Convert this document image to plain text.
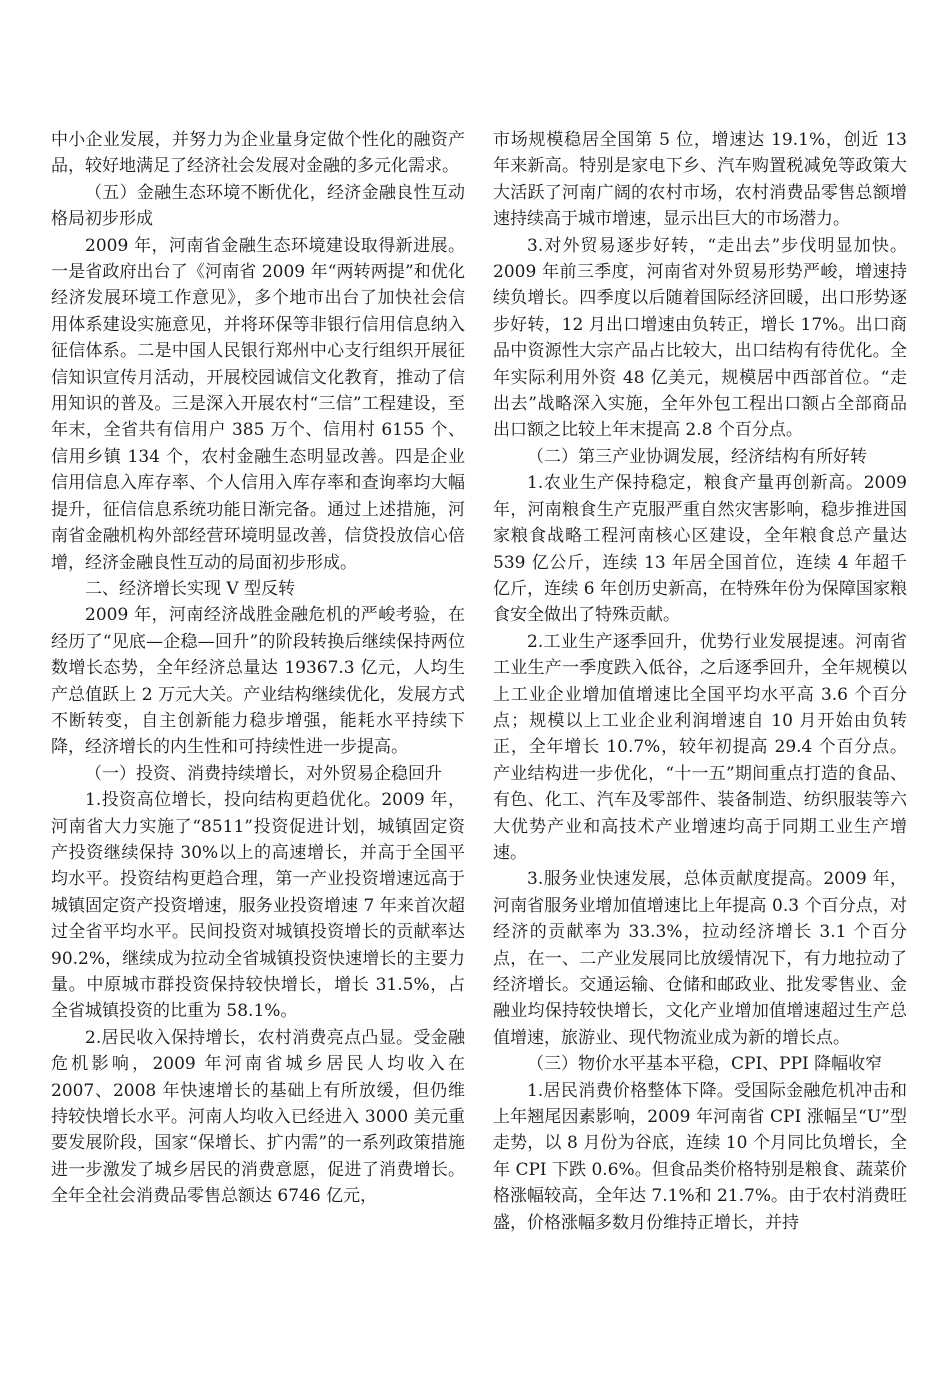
中小企业发展，并努力为企业量身定做个性化的融资产品，较好地满足了经济社会发展对金融的多元化需求。

（五）金融生态环境不断优化，经济金融良性互动格局初步形成

2009 年，河南省金融生态环境建设取得新进展。一是省政府出台了《河南省 2009 年“两转两提”和优化经济发展环境工作意见》，多个地市出台了加快社会信用体系建设实施意见，并将环保等非银行信用信息纳入征信体系。二是中国人民银行郑州中心支行组织开展征信知识宣传月活动，开展校园诚信文化教育，推动了信用知识的普及。三是深入开展农村“三信”工程建设，至年末，全省共有信用户 385 万个、信用村 6155 个、信用乡镇 134 个，农村金融生态明显改善。四是企业信用信息入库存率、个人信用入库存率和查询率均大幅提升，征信信息系统功能日渐完备。通过上述措施，河南省金融机构外部经营环境明显改善，信贷投放信心倍增，经济金融良性互动的局面初步形成。

二、经济增长实现 V 型反转

2009 年，河南经济战胜金融危机的严峻考验，在经历了“见底—企稳—回升”的阶段转换后继续保持两位数增长态势，全年经济总量达 19367.3 亿元，人均生产总值跃上 2 万元大关。产业结构继续优化，发展方式不断转变，自主创新能力稳步增强，能耗水平持续下降，经济增长的内生性和可持续性进一步提高。

（一）投资、消费持续增长，对外贸易企稳回升

1.投资高位增长，投向结构更趋优化。2009 年，河南省大力实施了“8511”投资促进计划，城镇固定资产投资继续保持 30%以上的高速增长，并高于全国平均水平。投资结构更趋合理，第一产业投资增速远高于城镇固定资产投资增速，服务业投资增速 7 年来首次超过全省平均水平。民间投资对城镇投资增长的贡献率达 90.2%，继续成为拉动全省城镇投资快速增长的主要力量。中原城市群投资保持较快增长，增长 31.5%，占全省城镇投资的比重为 58.1%。

2.居民收入保持增长，农村消费亮点凸显。受金融危机影响，2009 年河南省城乡居民人均收入在 2007、2008 年快速增长的基础上有所放缓，但仍维持较快增长水平。河南人均收入已经进入 3000 美元重要发展阶段，国家“保增长、扩内需”的一系列政策措施进一步激发了城乡居民的消费意愿，促进了消费增长。全年全社会消费品零售总额达 6746 亿元，

市场规模稳居全国第 5 位，增速达 19.1%，创近 13 年来新高。特别是家电下乡、汽车购置税减免等政策大大活跃了河南广阔的农村市场，农村消费品零售总额增速持续高于城市增速，显示出巨大的市场潜力。

3.对外贸易逐步好转，“走出去”步伐明显加快。2009 年前三季度，河南省对外贸易形势严峻，增速持续负增长。四季度以后随着国际经济回暖，出口形势逐步好转，12 月出口增速由负转正，增长 17%。出口商品中资源性大宗产品占比较大，出口结构有待优化。全年实际利用外资 48 亿美元，规模居中西部首位。“走出去”战略深入实施，全年外包工程出口额占全部商品出口额之比较上年末提高 2.8 个百分点。

（二）第三产业协调发展，经济结构有所好转

1.农业生产保持稳定，粮食产量再创新高。2009 年，河南粮食生产克服严重自然灾害影响，稳步推进国家粮食战略工程河南核心区建设，全年粮食总产量达 539 亿公斤，连续 13 年居全国首位，连续 4 年超千亿斤，连续 6 年创历史新高，在特殊年份为保障国家粮食安全做出了特殊贡献。

2.工业生产逐季回升，优势行业发展提速。河南省工业生产一季度跌入低谷，之后逐季回升，全年规模以上工业企业增加值增速比全国平均水平高 3.6 个百分点；规模以上工业企业利润增速自 10 月开始由负转正，全年增长 10.7%，较年初提高 29.4 个百分点。产业结构进一步优化，“十一五”期间重点打造的食品、有色、化工、汽车及零部件、装备制造、纺织服装等六大优势产业和高技术产业增速均高于同期工业生产增速。

3.服务业快速发展，总体贡献度提高。2009 年，河南省服务业增加值增速比上年提高 0.3 个百分点，对经济的贡献率为 33.3%，拉动经济增长 3.1 个百分点，在一、二产业发展同比放缓情况下，有力地拉动了经济增长。交通运输、仓储和邮政业、批发零售业、金融业均保持较快增长，文化产业增加值增速超过生产总值增速，旅游业、现代物流业成为新的增长点。

（三）物价水平基本平稳，CPI、PPI 降幅收窄

1.居民消费价格整体下降。受国际金融危机冲击和上年翘尾因素影响，2009 年河南省 CPI 涨幅呈“U”型走势，以 8 月份为谷底，连续 10 个月同比负增长，全年 CPI 下跌 0.6%。但食品类价格特别是粮食、蔬菜价格涨幅较高，全年达 7.1%和 21.7%。由于农村消费旺盛，价格涨幅多数月份维持正增长，并持
